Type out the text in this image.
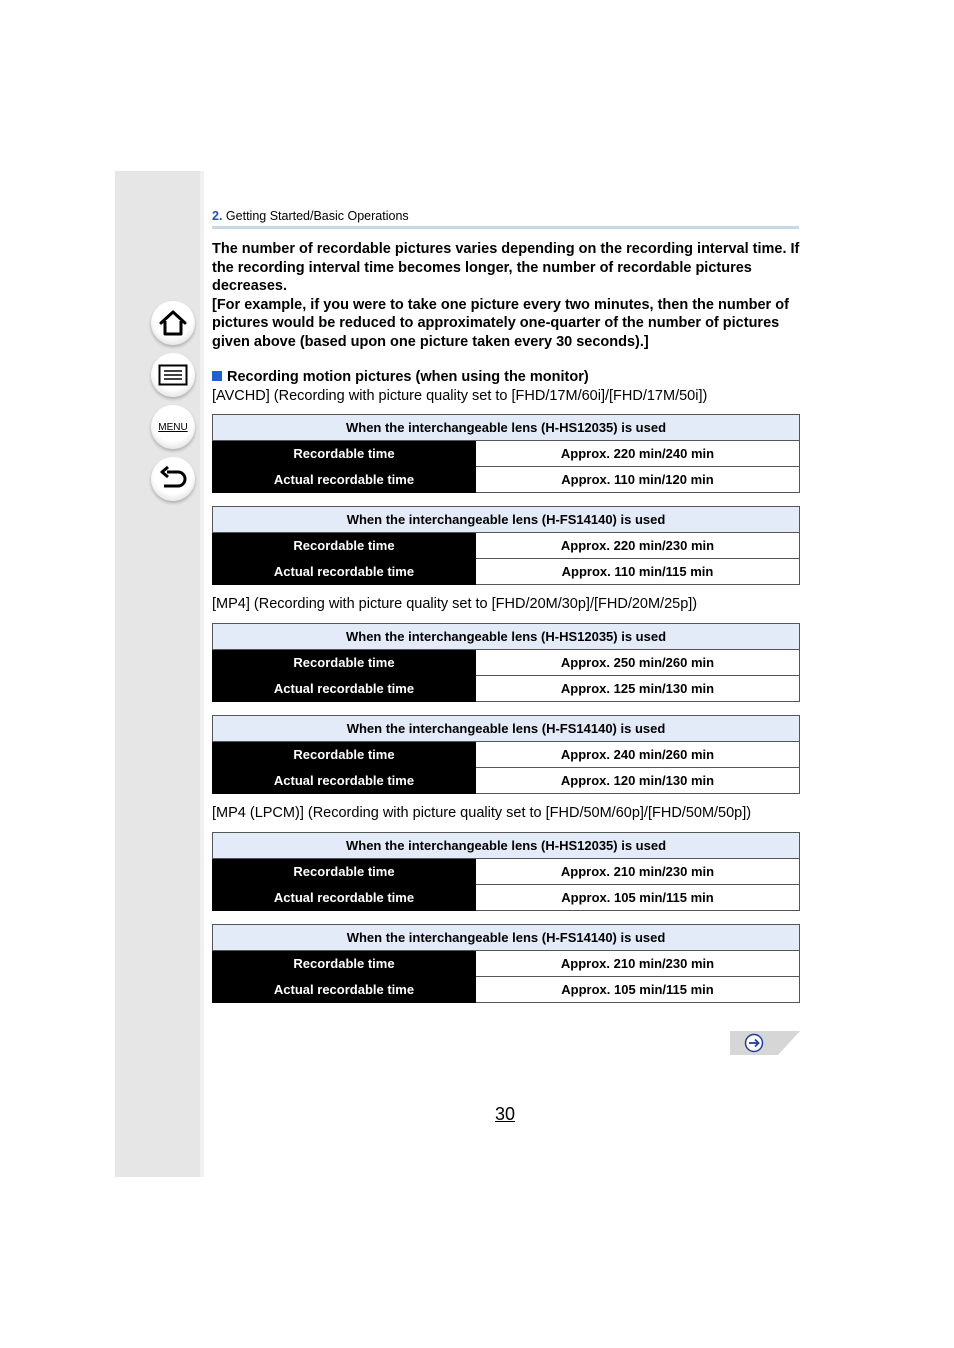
MENU
2. Getting Started/Basic Operations

The number of recordable pictures varies depending on the recording interval time. If the recording interval time becomes longer, the number of recordable pictures decreases.

[For example, if you were to take one picture every two minutes, then the number of pictures would be reduced to approximately one-quarter of the number of pictures given above (based upon one picture taken every 30 seconds).]

Recording motion pictures (when using the monitor)
[AVCHD] (Recording with picture quality set to [FHD/17M/60i]/[FHD/17M/50i])
When the interchangeable lens (H-HS12035) is used	
Recordable time	Approx. 220 min/240 min
Actual recordable time	Approx. 110 min/120 min
When the interchangeable lens (H-FS14140) is used	
Recordable time	Approx. 220 min/230 min
Actual recordable time	Approx. 110 min/115 min
[MP4] (Recording with picture quality set to [FHD/20M/30p]/[FHD/20M/25p])
When the interchangeable lens (H-HS12035) is used	
Recordable time	Approx. 250 min/260 min
Actual recordable time	Approx. 125 min/130 min
When the interchangeable lens (H-FS14140) is used	
Recordable time	Approx. 240 min/260 min
Actual recordable time	Approx. 120 min/130 min
[MP4 (LPCM)] (Recording with picture quality set to [FHD/50M/60p]/[FHD/50M/50p])
When the interchangeable lens (H-HS12035) is used	
Recordable time	Approx. 210 min/230 min
Actual recordable time	Approx. 105 min/115 min
When the interchangeable lens (H-FS14140) is used	
Recordable time	Approx. 210 min/230 min
Actual recordable time	Approx. 105 min/115 min
30
